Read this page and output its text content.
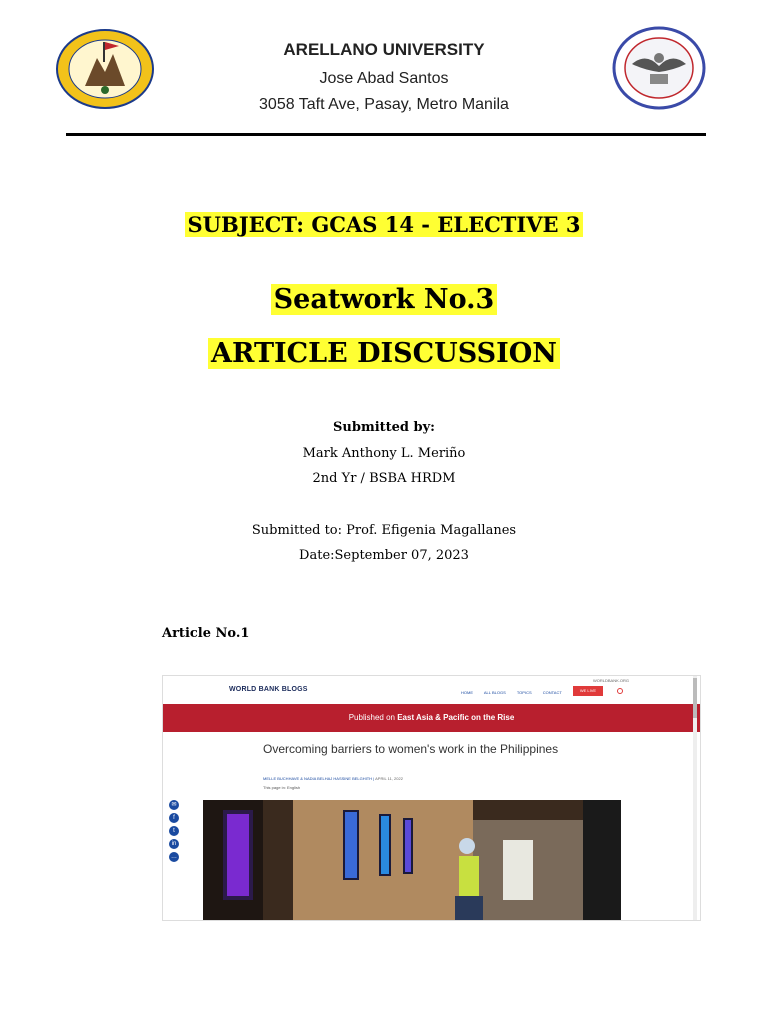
ARELLANO UNIVERSITY
Jose Abad Santos
3058 Taft Ave, Pasay, Metro Manila
SUBJECT: GCAS 14 - ELECTIVE 3
Seatwork No.3
ARTICLE DISCUSSION
Submitted by:
Mark Anthony L. Meriño
2nd Yr / BSBA HRDM
Submitted to: Prof. Efigenia Magallanes
Date:September 07, 2023
Article No.1
WORLD BANK BLOGS
WORLDBANK.ORG
HOME	ALL BLOGS	TOPICS	CONTACT	WE LIVE
Published on East Asia & Pacific on the Rise
Overcoming barriers to women's work in the Philippines
MELLE BUCHHAVE & NADIA BELHAJ HASSINE BELGHITH | APRIL 11, 2022
This page in: English
✉
f
t
in
…
